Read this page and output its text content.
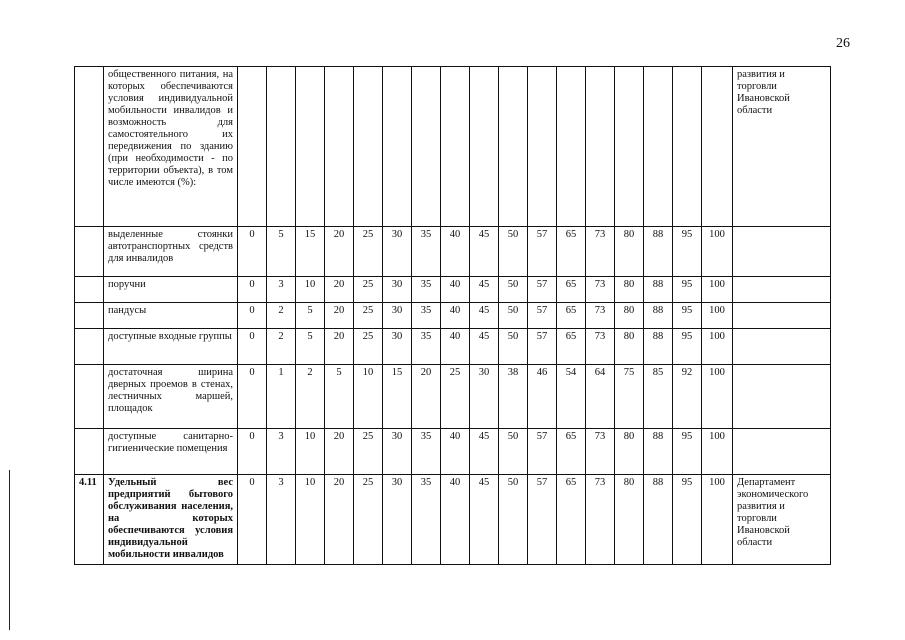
26
	общественного питания, на которых обеспечиваются условия индивидуальной мобильности инвалидов и возможность для самостоятельного их передвижения по зданию (при необходимости - по территории объекта), в том числе имеются (%):																		развития и торговли Ивановской области
	выделенные стоянки автотранспортных средств для инвалидов	0	5	15	20	25	30	35	40	45	50	57	65	73	80	88	95	100	
	поручни	0	3	10	20	25	30	35	40	45	50	57	65	73	80	88	95	100	
	пандусы	0	2	5	20	25	30	35	40	45	50	57	65	73	80	88	95	100	
	доступные входные группы	0	2	5	20	25	30	35	40	45	50	57	65	73	80	88	95	100	
	достаточная ширина дверных проемов в стенах, лестничных маршей, площадок	0	1	2	5	10	15	20	25	30	38	46	54	64	75	85	92	100	
	доступные санитарно-гигиенические помещения	0	3	10	20	25	30	35	40	45	50	57	65	73	80	88	95	100	
4.11	Удельный вес предприятий бытового обслуживания населения, на которых обеспечиваются условия индивидуальной мобильности инвалидов	0	3	10	20	25	30	35	40	45	50	57	65	73	80	88	95	100	Департамент экономического развития и торговли Ивановской области
